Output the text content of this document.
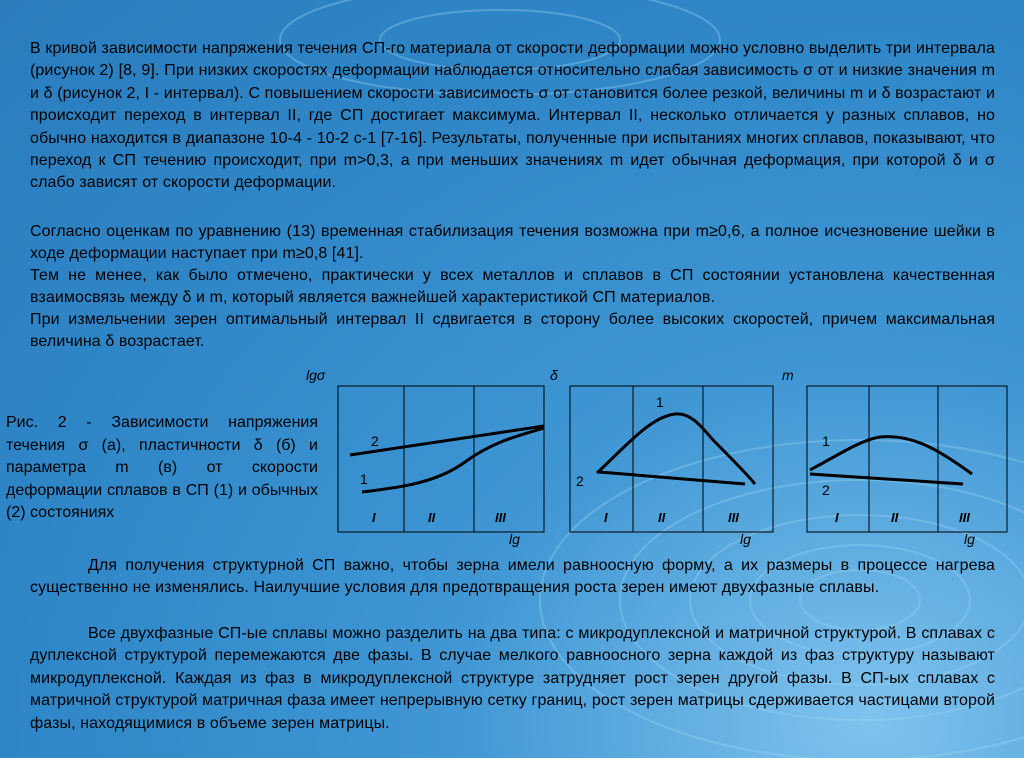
В кривой зависимости напряжения течения СП-го материала от скорости деформации можно условно выделить три интервала (рисунок 2) [8, 9]. При низких скоростях деформации наблюдается относительно слабая зависимость σ от и низкие значения m и δ (рисунок 2, I - интервал). С повышением скорости зависимость σ от становится более резкой, величины m и δ возрастают и происходит переход в интервал II, где СП достигает максимума. Интервал II, несколько отличается у разных сплавов, но обычно находится в диапазоне 10-4 - 10-2 с-1 [7-16]. Результаты, полученные при испытаниях многих сплавов, показывают, что переход к СП течению происходит, при m>0,3, а при меньших значениях m идет обычная деформация, при которой δ и σ слабо зависят от скорости деформации.

Согласно оценкам по уравнению (13) временная стабилизация течения возможна при m≥0,6, а полное исчезновение шейки в ходе деформации наступает при m≥0,8 [41].

Тем не менее, как было отмечено, практически у всех металлов и сплавов в СП состоянии установлена качественная взаимосвязь между δ и m, который является важнейшей характеристикой СП материалов.

При измельчении зерен оптимальный интервал II сдвигается в сторону более высоких скоростей, причем максимальная величина δ возрастает.

Рис. 2 - Зависимости напряжения течения σ (а), пластичности δ (б) и параметра m (в) от скорости деформации сплавов в СП (1) и обычных (2) состояниях

lgσ
2
1
I	II	III
lg
δ
1
2
I	II	III
lg
m
1
2
I	II	III
lg

Для получения структурной СП важно, чтобы зерна имели равноосную форму, а их размеры в процессе нагрева существенно не изменялись. Наилучшие условия для предотвращения роста зерен имеют двухфазные сплавы.

Все двухфазные СП-ые сплавы можно разделить на два типа: с микродуплексной и матричной структурой. В сплавах с дуплексной структурой перемежаются две фазы. В случае мелкого равноосного зерна каждой из фаз структуру называют микродуплексной. Каждая из фаз в микродуплексной структуре затрудняет рост зерен другой фазы. В СП-ых сплавах с матричной структурой матричная фаза имеет непрерывную сетку границ, рост зерен матрицы сдерживается частицами второй фазы, находящимися в объеме зерен матрицы.
